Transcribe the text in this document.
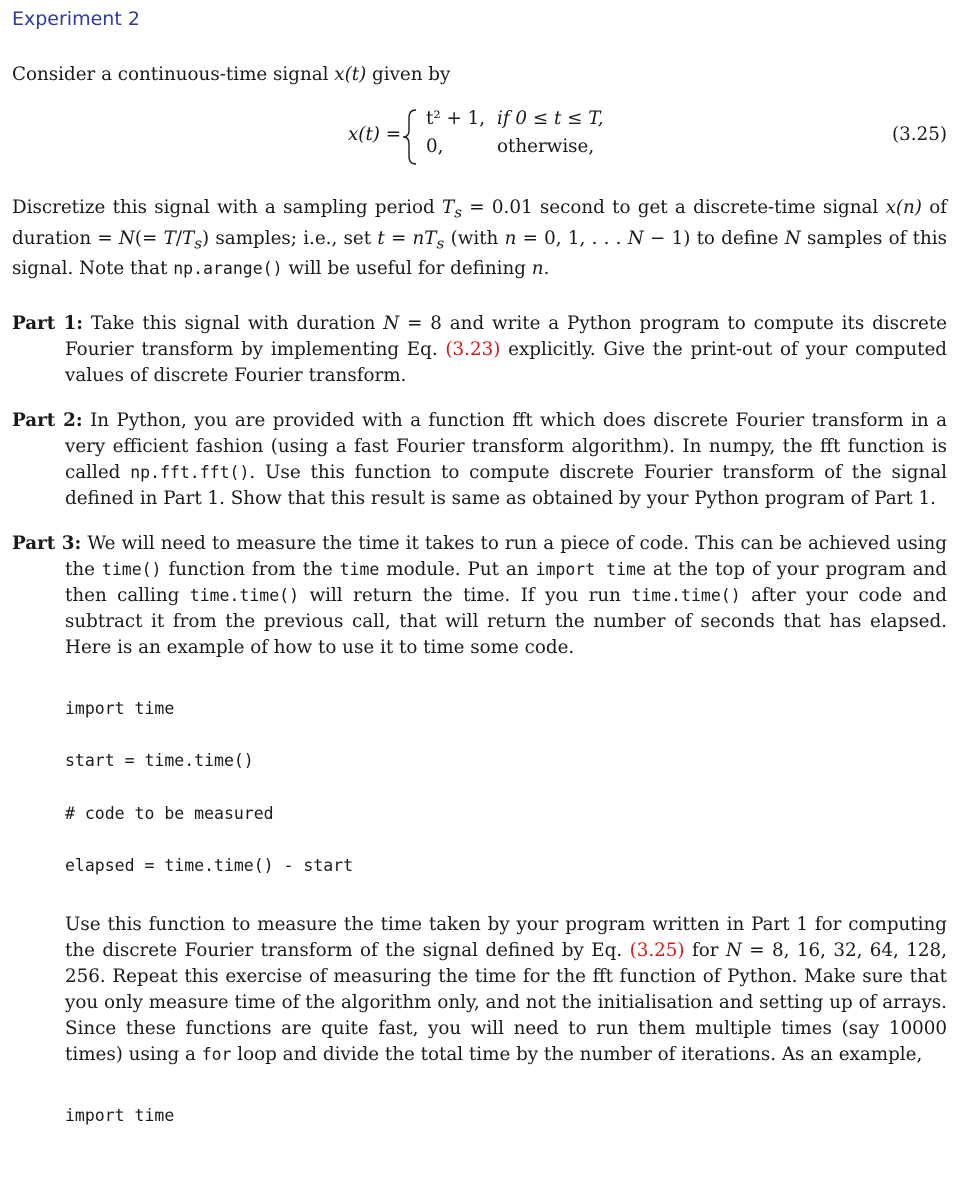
Experiment 2
Consider a continuous-time signal x(t) given by
x(t) =
t² + 1, if 0 ≤ t ≤ T,
0,	otherwise,
(3.25)
Discretize this signal with a sampling period $T_s = 0.01$ second to get a discrete-time signal x(n) of duration = $N(= T/T_s)$ samples; i.e., set $t = nT_s$ (with n = 0, 1, . . . N − 1) to define N samples of this signal. Note that np.arange() will be useful for defining n.
Part 1: Take this signal with duration N = 8 and write a Python program to compute its discrete Fourier transform by implementing Eq. (3.23) explicitly. Give the print-out of your computed values of discrete Fourier transform.
Part 2: In Python, you are provided with a function fft which does discrete Fourier transform in a very efficient fashion (using a fast Fourier transform algorithm). In numpy, the fft function is called np.fft.fft(). Use this function to compute discrete Fourier transform of the signal defined in Part 1. Show that this result is same as obtained by your Python program of Part 1.
Part 3: We will need to measure the time it takes to run a piece of code. This can be achieved using the time() function from the time module. Put an import time at the top of your program and then calling time.time() will return the time. If you run time.time() after your code and subtract it from the previous call, that will return the number of seconds that has elapsed. Here is an example of how to use it to time some code.
import time
start = time.time()
# code to be measured
elapsed = time.time() - start
Use this function to measure the time taken by your program written in Part 1 for computing the discrete Fourier transform of the signal defined by Eq. (3.25) for N = 8, 16, 32, 64, 128, 256. Repeat this exercise of measuring the time for the fft function of Python. Make sure that you only measure time of the algorithm only, and not the initialisation and setting up of arrays. Since these functions are quite fast, you will need to run them multiple times (say 10000 times) using a for loop and divide the total time by the number of iterations. As an example,
import time
